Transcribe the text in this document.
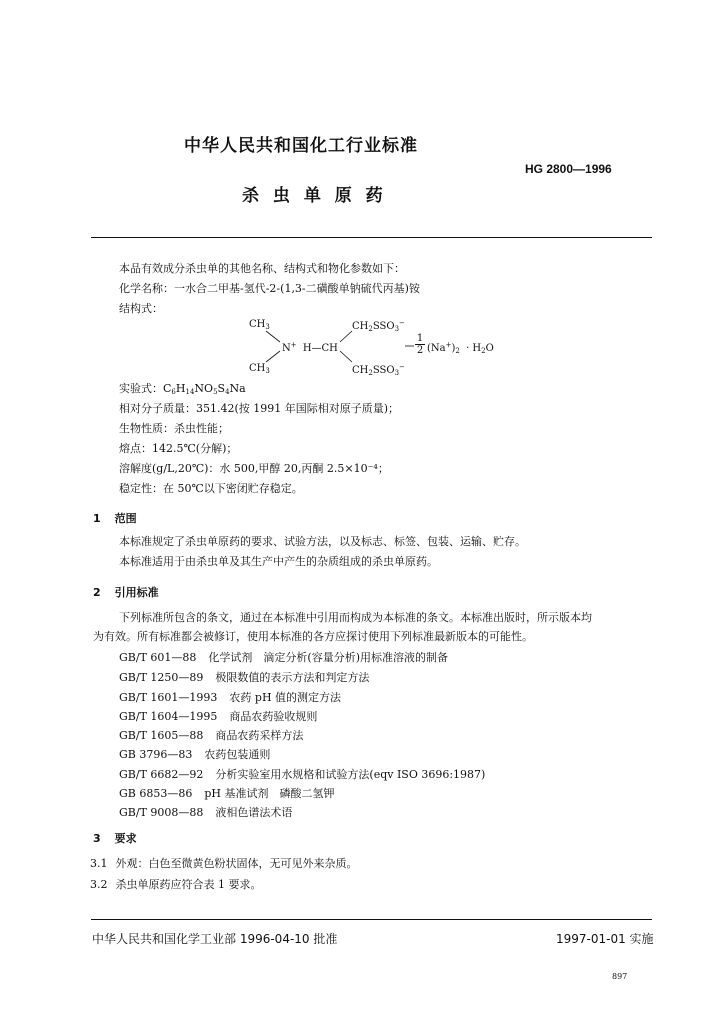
中华人民共和国化工行业标准
HG 2800—1996
杀 虫 单 原 药
本品有效成分杀虫单的其他名称、结构式和物化参数如下：
化学名称：一水合二甲基-氢代-2-(1,3-二磺酸单钠硫代丙基)铵
结构式：
$CH_3$
$CH_3$
N+ H—CH
$CH_2SSO_3^-$
$CH_2SSO_3^-$
$\frac{1}{2} (Na^+)_2 \cdot H_2O$
实验式：$C_6H_{14}NO_5S_4Na$
相对分子质量：351.42(按 1991 年国际相对原子质量)；
生物性质：杀虫性能；
熔点：142.5℃(分解)；
溶解度(g/L,20℃)：水 500,甲醇 20,丙酮 2.5×10⁻⁴；
稳定性：在 50℃以下密闭贮存稳定。
1 范围
本标准规定了杀虫单原药的要求、试验方法，以及标志、标签、包装、运输、贮存。
本标准适用于由杀虫单及其生产中产生的杂质组成的杀虫单原药。
2 引用标准
下列标准所包含的条文，通过在本标准中引用而构成为本标准的条文。本标准出版时，所示版本均
为有效。所有标准都会被修订，使用本标准的各方应探讨使用下列标准最新版本的可能性。
GB/T 601—88 化学试剂　滴定分析(容量分析)用标准溶液的制备
GB/T 1250—89 极限数值的表示方法和判定方法
GB/T 1601—1993 农药 pH 值的测定方法
GB/T 1604—1995 商品农药验收规则
GB/T 1605—88 商品农药采样方法
GB 3796—83 农药包装通则
GB/T 6682—92 分析实验室用水规格和试验方法(eqv ISO 3696:1987)
GB 6853—86 pH 基准试剂　磷酸二氢钾
GB/T 9008—88 液相色谱法术语
3 要求
3.1 外观：白色至微黄色粉状固体，无可见外来杂质。
3.2 杀虫单原药应符合表 1 要求。
中华人民共和国化学工业部 1996-04-10 批准	1997-01-01 实施
897
